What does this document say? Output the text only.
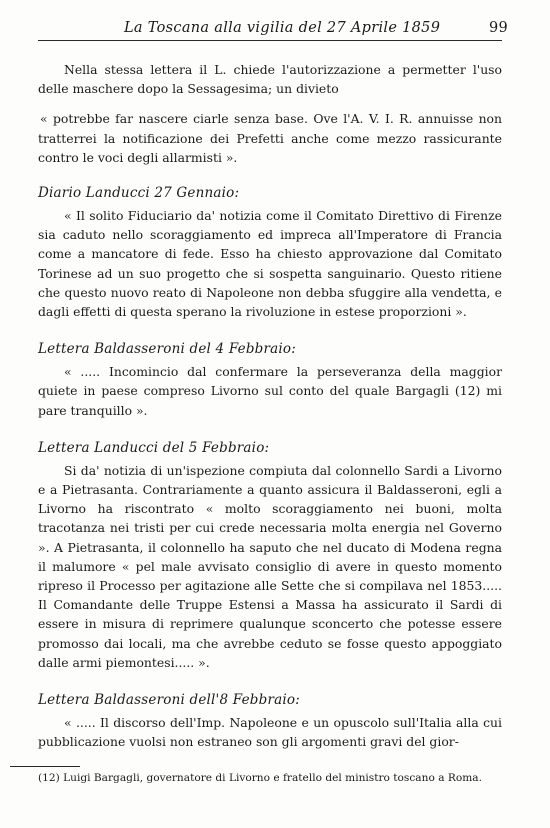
La Toscana alla vigilia del 27 Aprile 1859	99

Nella stessa lettera il L. chiede l'autorizzazione a permetter l'uso delle maschere dopo la Sessagesima; un divieto

« potrebbe far nascere ciarle senza base. Ove l'A. V. I. R. annuisse non tratterrei la notificazione dei Prefetti anche come mezzo rassicurante contro le voci degli allarmisti ».

Diario Landucci 27 Gennaio:

« Il solito Fiduciario da' notizia come il Comitato Direttivo di Firenze sia caduto nello scoraggiamento ed impreca all'Imperatore di Francia come a mancatore di fede. Esso ha chiesto approvazione dal Comitato Torinese ad un suo progetto che si sospetta sanguinario. Questo ritiene che questo nuovo reato di Napoleone non debba sfuggire alla vendetta, e dagli effetti di questa sperano la rivoluzione in estese proporzioni ».

Lettera Baldasseroni del 4 Febbraio:

« ..... Incomincio dal confermare la perseveranza della maggior quiete in paese compreso Livorno sul conto del quale Bargagli (12) mi pare tranquillo ».

Lettera Landucci del 5 Febbraio:

Si da' notizia di un'ispezione compiuta dal colonnello Sardi a Livorno e a Pietrasanta. Contrariamente a quanto assicura il Baldasseroni, egli a Livorno ha riscontrato « molto scoraggiamento nei buoni, molta tracotanza nei tristi per cui crede necessaria molta energia nel Governo ». A Pietrasanta, il colonnello ha saputo che nel ducato di Modena regna il malumore « pel male avvisato consiglio di avere in questo momento ripreso il Processo per agitazione alle Sette che si compilava nel 1853..... Il Comandante delle Truppe Estensi a Massa ha assicurato il Sardi di essere in misura di reprimere qualunque sconcerto che potesse essere promosso dai locali, ma che avrebbe ceduto se fosse questo appoggiato dalle armi piemontesi..... ».

Lettera Baldasseroni dell'8 Febbraio:

« ..... Il discorso dell'Imp. Napoleone e un opuscolo sull'Italia alla cui pubblicazione vuolsi non estraneo son gli argomenti gravi del gior-

(12) Luigi Bargagli, governatore di Livorno e fratello del ministro toscano a Roma.
